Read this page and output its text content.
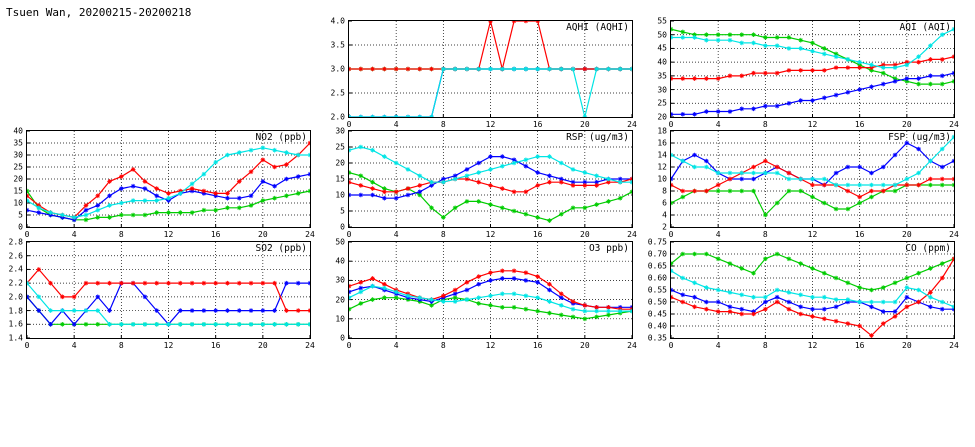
Tsuen Wan, 20200215-20200218
AQHI (AQHI)
2.0
2.5
3.0
3.5
4.0
0	4	8	12	16	20	24
AQI (AQI)
20
25
30
35
40
45
50
55
0	4	8	12	16	20	24
NO2 (ppb)
0
5
10
15
20
25
30
35
40
0	4	8	12	16	20	24
RSP (ug/m3)
0
5
10
15
20
25
30
0	4	8	12	16	20	24
FSP (ug/m3)
2
4
6
8
10
12
14
16
18
0	4	8	12	16	20	24
SO2 (ppb)
1.4
1.6
1.8
2.0
2.2
2.4
2.6
2.8
0	4	8	12	16	20	24
O3 ppb)
0
10
20
30
40
50
0	4	8	12	16	20	24
CO (ppm)
0.35
0.40
0.45
0.50
0.55
0.60
0.65
0.70
0.75
0	4	8	12	16	20	24
